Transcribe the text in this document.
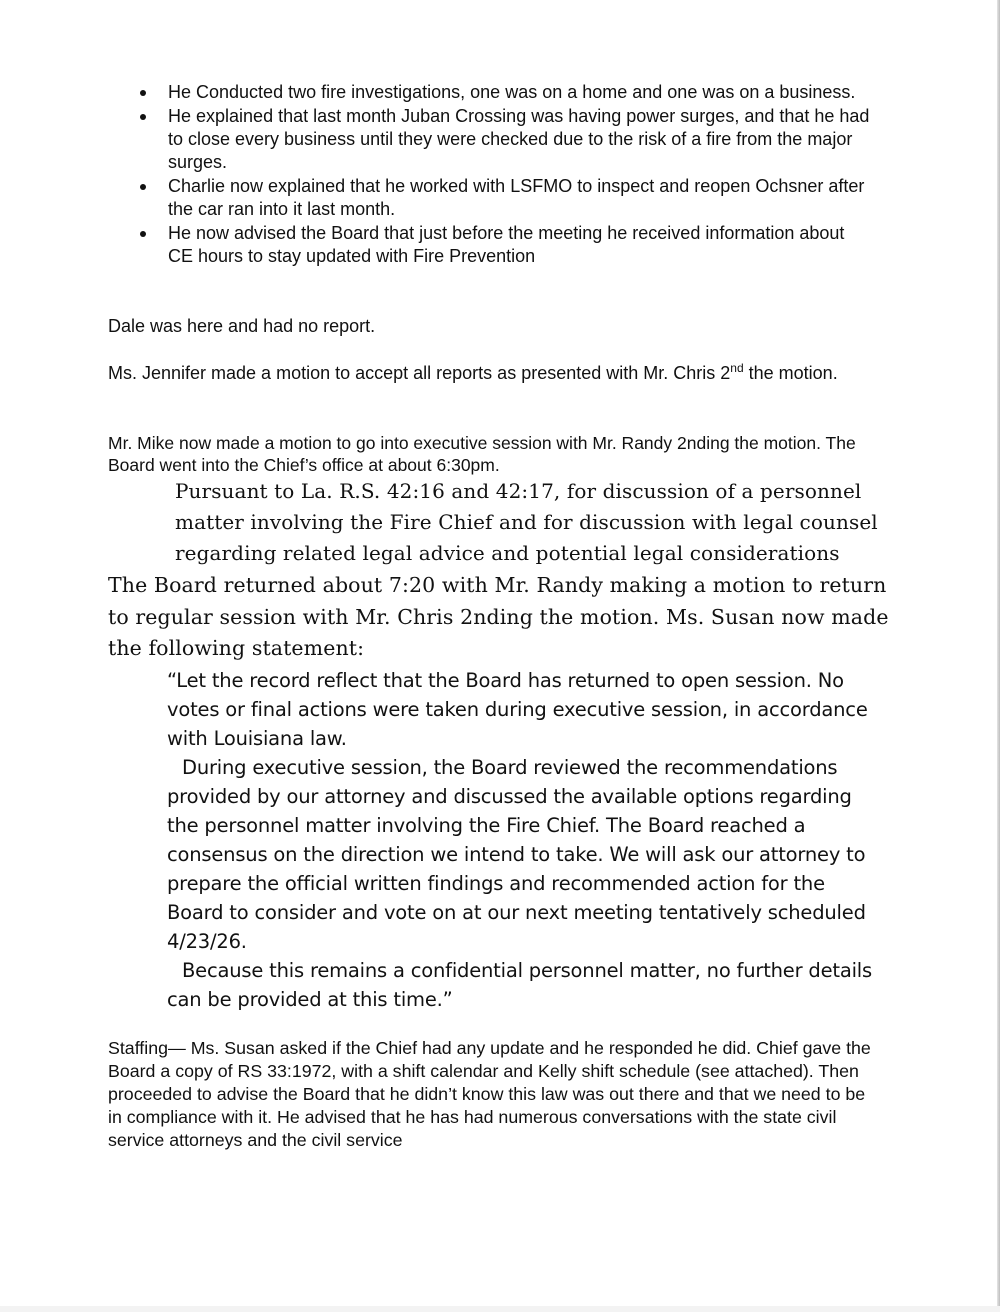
He Conducted two fire investigations, one was on a home and one was on a business.
He explained that last month Juban Crossing was having power surges, and that he had to close every business until they were checked due to the risk of a fire from the major surges.
Charlie now explained that he worked with LSFMO to inspect and reopen Ochsner after the car ran into it last month.
He now advised the Board that just before the meeting he received information about CE hours to stay updated with Fire Prevention

Dale was here and had no report.

Ms. Jennifer made a motion to accept all reports as presented with Mr. Chris 2nd the motion.

Mr. Mike now made a motion to go into executive session with Mr. Randy 2nding the motion. The Board went into the Chief’s office at about 6:30pm.

Pursuant to La. R.S. 42:16 and 42:17, for discussion of a personnel matter involving the Fire Chief and for discussion with legal counsel regarding related legal advice and potential legal considerations

The Board returned about 7:20 with Mr. Randy making a motion to return to regular session with Mr. Chris 2nding the motion. Ms. Susan now made the following statement:

“Let the record reflect that the Board has returned to open session. No votes or final actions were taken during executive session, in accordance with Louisiana law.

During executive session, the Board reviewed the recommendations provided by our attorney and discussed the available options regarding the personnel matter involving the Fire Chief. The Board reached a consensus on the direction we intend to take. We will ask our attorney to prepare the official written findings and recommended action for the Board to consider and vote on at our next meeting tentatively scheduled 4/23/26.

Because this remains a confidential personnel matter, no further details can be provided at this time.”

Staffing— Ms. Susan asked if the Chief had any update and he responded he did. Chief gave the Board a copy of RS 33:1972, with a shift calendar and Kelly shift schedule (see attached). Then proceeded to advise the Board that he didn’t know this law was out there and that we need to be in compliance with it. He advised that he has had numerous conversations with the state civil service attorneys and the civil service
